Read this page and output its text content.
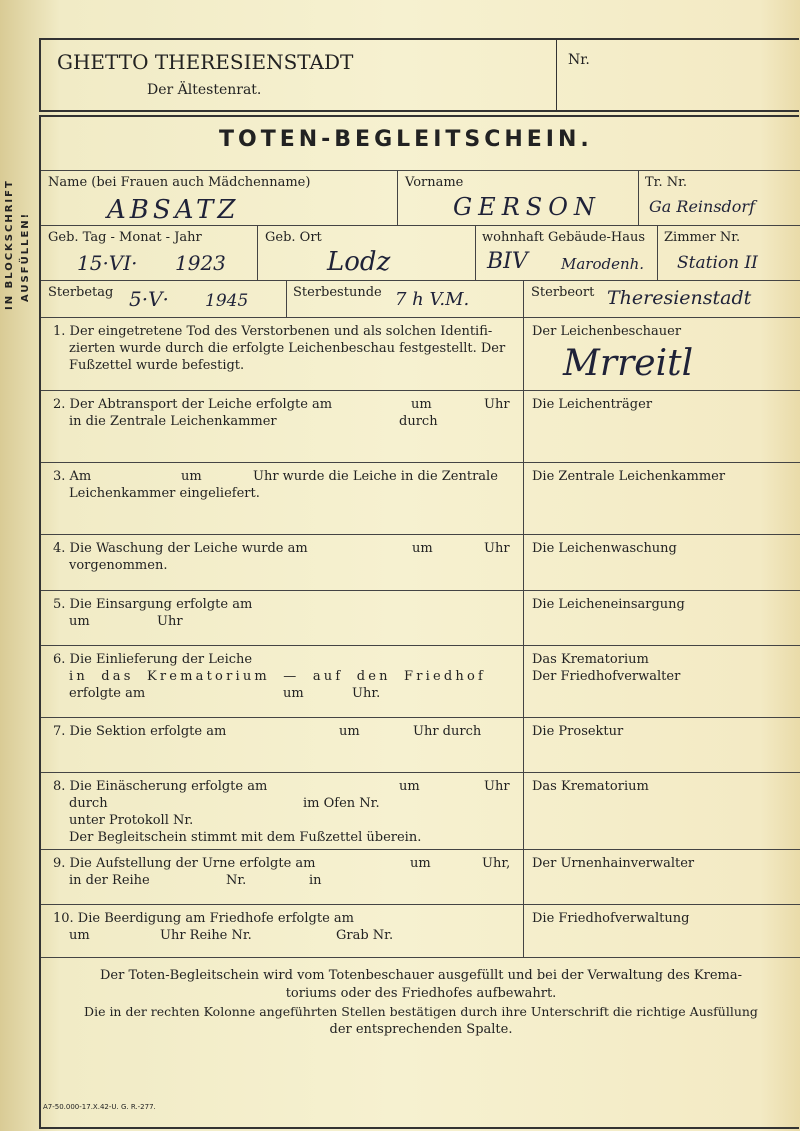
IN BLOCKSCHRIFT AUSFÜLLEN!
GHETTO THERESIENSTADT
Der Ältestenrat.
Nr.
TOTEN-BEGLEITSCHEIN.
Name (bei Frauen auch Mädchenname)
ABSATZ
Vorname
GERSON
Tr. Nr.
Ga Reinsdorf
Geb. Tag - Monat - Jahr
15·VI· 1923
Geb. Ort
Lodz
wohnhaft Gebäude-Haus
BIV Marodenh.
Zimmer Nr.
Station II
Sterbetag 5·V· 1945	Sterbestunde 7 h V.M.	Sterbeort Theresienstadt
1. Der eingetretene Tod des Verstorbenen und als solchen Identifi-
zierten wurde durch die erfolgte Leichenbeschau festgestellt. Der
Fußzettel wurde befestigt.
Der Leichenbeschauer
Mrreitl
2. Der Abtransport der Leiche erfolgte am	um	Uhr
in die Zentrale Leichenkammer	durch
Die Leichenträger
3. Am	um	Uhr wurde die Leiche in die Zentrale
Leichenkammer eingeliefert.
Die Zentrale Leichenkammer
4. Die Waschung der Leiche wurde am	um	Uhr
vorgenommen.
Die Leichenwaschung
5. Die Einsargung erfolgte am
um	Uhr
Die Leicheneinsargung
6. Die Einlieferung der Leiche
in das Krematorium — auf den Friedhof
erfolgte am	um	Uhr.
Das Krematorium
Der Friedhofverwalter
7. Die Sektion erfolgte am	um	Uhr durch	Die Prosektur
8. Die Einäscherung erfolgte am	um	Uhr
durch	im Ofen Nr.
unter Protokoll Nr.
Der Begleitschein stimmt mit dem Fußzettel überein.
Das Krematorium
9. Die Aufstellung der Urne erfolgte am	um	Uhr,
in der Reihe	Nr.	in
Der Urnenhainverwalter
10. Die Beerdigung am Friedhofe erfolgte am
um	Uhr Reihe Nr.	Grab Nr.
Die Friedhofverwaltung
Der Toten-Begleitschein wird vom Totenbeschauer ausgefüllt und bei der Verwaltung des Krema-
toriums oder des Friedhofes aufbewahrt.
Die in der rechten Kolonne angeführten Stellen bestätigen durch ihre Unterschrift die richtige Ausfüllung
der entsprechenden Spalte.
A7-50.000-17.X.42-U. G. R.-277.
